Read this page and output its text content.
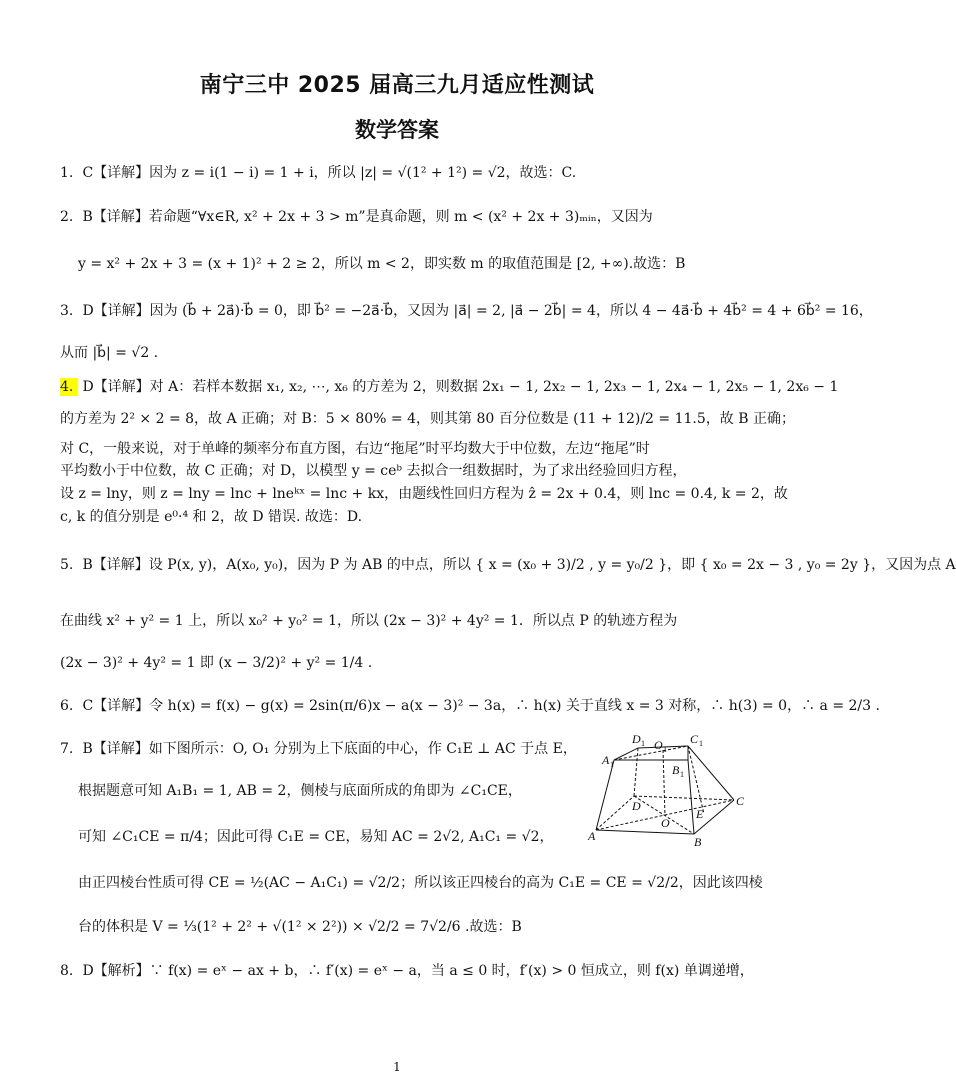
南宁三中 2025 届高三九月适应性测试
数学答案
1. C【详解】因为 z = i(1 − i) = 1 + i，所以 |z| = √(1² + 1²) = √2，故选：C.
2. B【详解】若命题“∀x∈R, x² + 2x + 3 > m”是真命题，则 m < (x² + 2x + 3)ₘᵢₙ，又因为
y = x² + 2x + 3 = (x + 1)² + 2 ≥ 2，所以 m < 2，即实数 m 的取值范围是 [2, +∞).故选：B
3. D【详解】因为 (b⃗ + 2a⃗)·b⃗ = 0，即 b⃗² = −2a⃗·b⃗，又因为 |a⃗| = 2, |a⃗ − 2b⃗| = 4，所以 4 − 4a⃗·b⃗ + 4b⃗² = 4 + 6b⃗² = 16，
从而 |b⃗| = √2 .
4. D【详解】对 A：若样本数据 x₁, x₂, ⋯, x₆ 的方差为 2，则数据 2x₁ − 1, 2x₂ − 1, 2x₃ − 1, 2x₄ − 1, 2x₅ − 1, 2x₆ − 1
的方差为 2² × 2 = 8，故 A 正确；对 B：5 × 80% = 4，则其第 80 百分位数是 (11 + 12)/2 = 11.5，故 B 正确；
对 C，一般来说，对于单峰的频率分布直方图，右边“拖尾”时平均数大于中位数，左边“拖尾”时
平均数小于中位数，故 C 正确；对 D，以模型 y = ceᵇ 去拟合一组数据时，为了求出经验回归方程，
设 z = lny，则 z = lny = lnc + lneᵏˣ = lnc + kx，由题线性回归方程为 ẑ = 2x + 0.4，则 lnc = 0.4, k = 2，故
c, k 的值分别是 e⁰·⁴ 和 2，故 D 错误. 故选：D.
5. B【详解】设 P(x, y)，A(x₀, y₀)，因为 P 为 AB 的中点，所以 { x = (x₀ + 3)/2 , y = y₀/2 }，即 { x₀ = 2x − 3 , y₀ = 2y }，又因为点 A
在曲线 x² + y² = 1 上，所以 x₀² + y₀² = 1，所以 (2x − 3)² + 4y² = 1．所以点 P 的轨迹方程为
(2x − 3)² + 4y² = 1 即 (x − 3/2)² + y² = 1/4 .
6. C【详解】令 h(x) = f(x) − g(x) = 2sin(π/6)x − a(x − 3)² − 3a，∴ h(x) 关于直线 x = 3 对称，∴ h(3) = 0，∴ a = 2/3 .
7. B【详解】如下图所示：O, O₁ 分别为上下底面的中心，作 C₁E ⊥ AC 于点 E，
根据题意可知 A₁B₁ = 1, AB = 2，侧棱与底面所成的角即为 ∠C₁CE，
可知 ∠C₁CE = π/4；因此可得 C₁E = CE，易知 AC = 2√2, A₁C₁ = √2，
由正四棱台性质可得 CE = ½(AC − A₁C₁) = √2/2；所以该正四棱台的高为 C₁E = CE = √2/2，因此该四棱
台的体积是 V = ⅓(1² + 2² + √(1² × 2²)) × √2/2 = 7√2/6 .故选：B
8. D【解析】∵ f(x) = eˣ − ax + b，∴ f′(x) = eˣ − a，当 a ≤ 0 时，f′(x) > 0 恒成立，则 f(x) 单调递增，
D 1 O 1
C 1
A 1	B 1
D	C
O
E
A	B
1
